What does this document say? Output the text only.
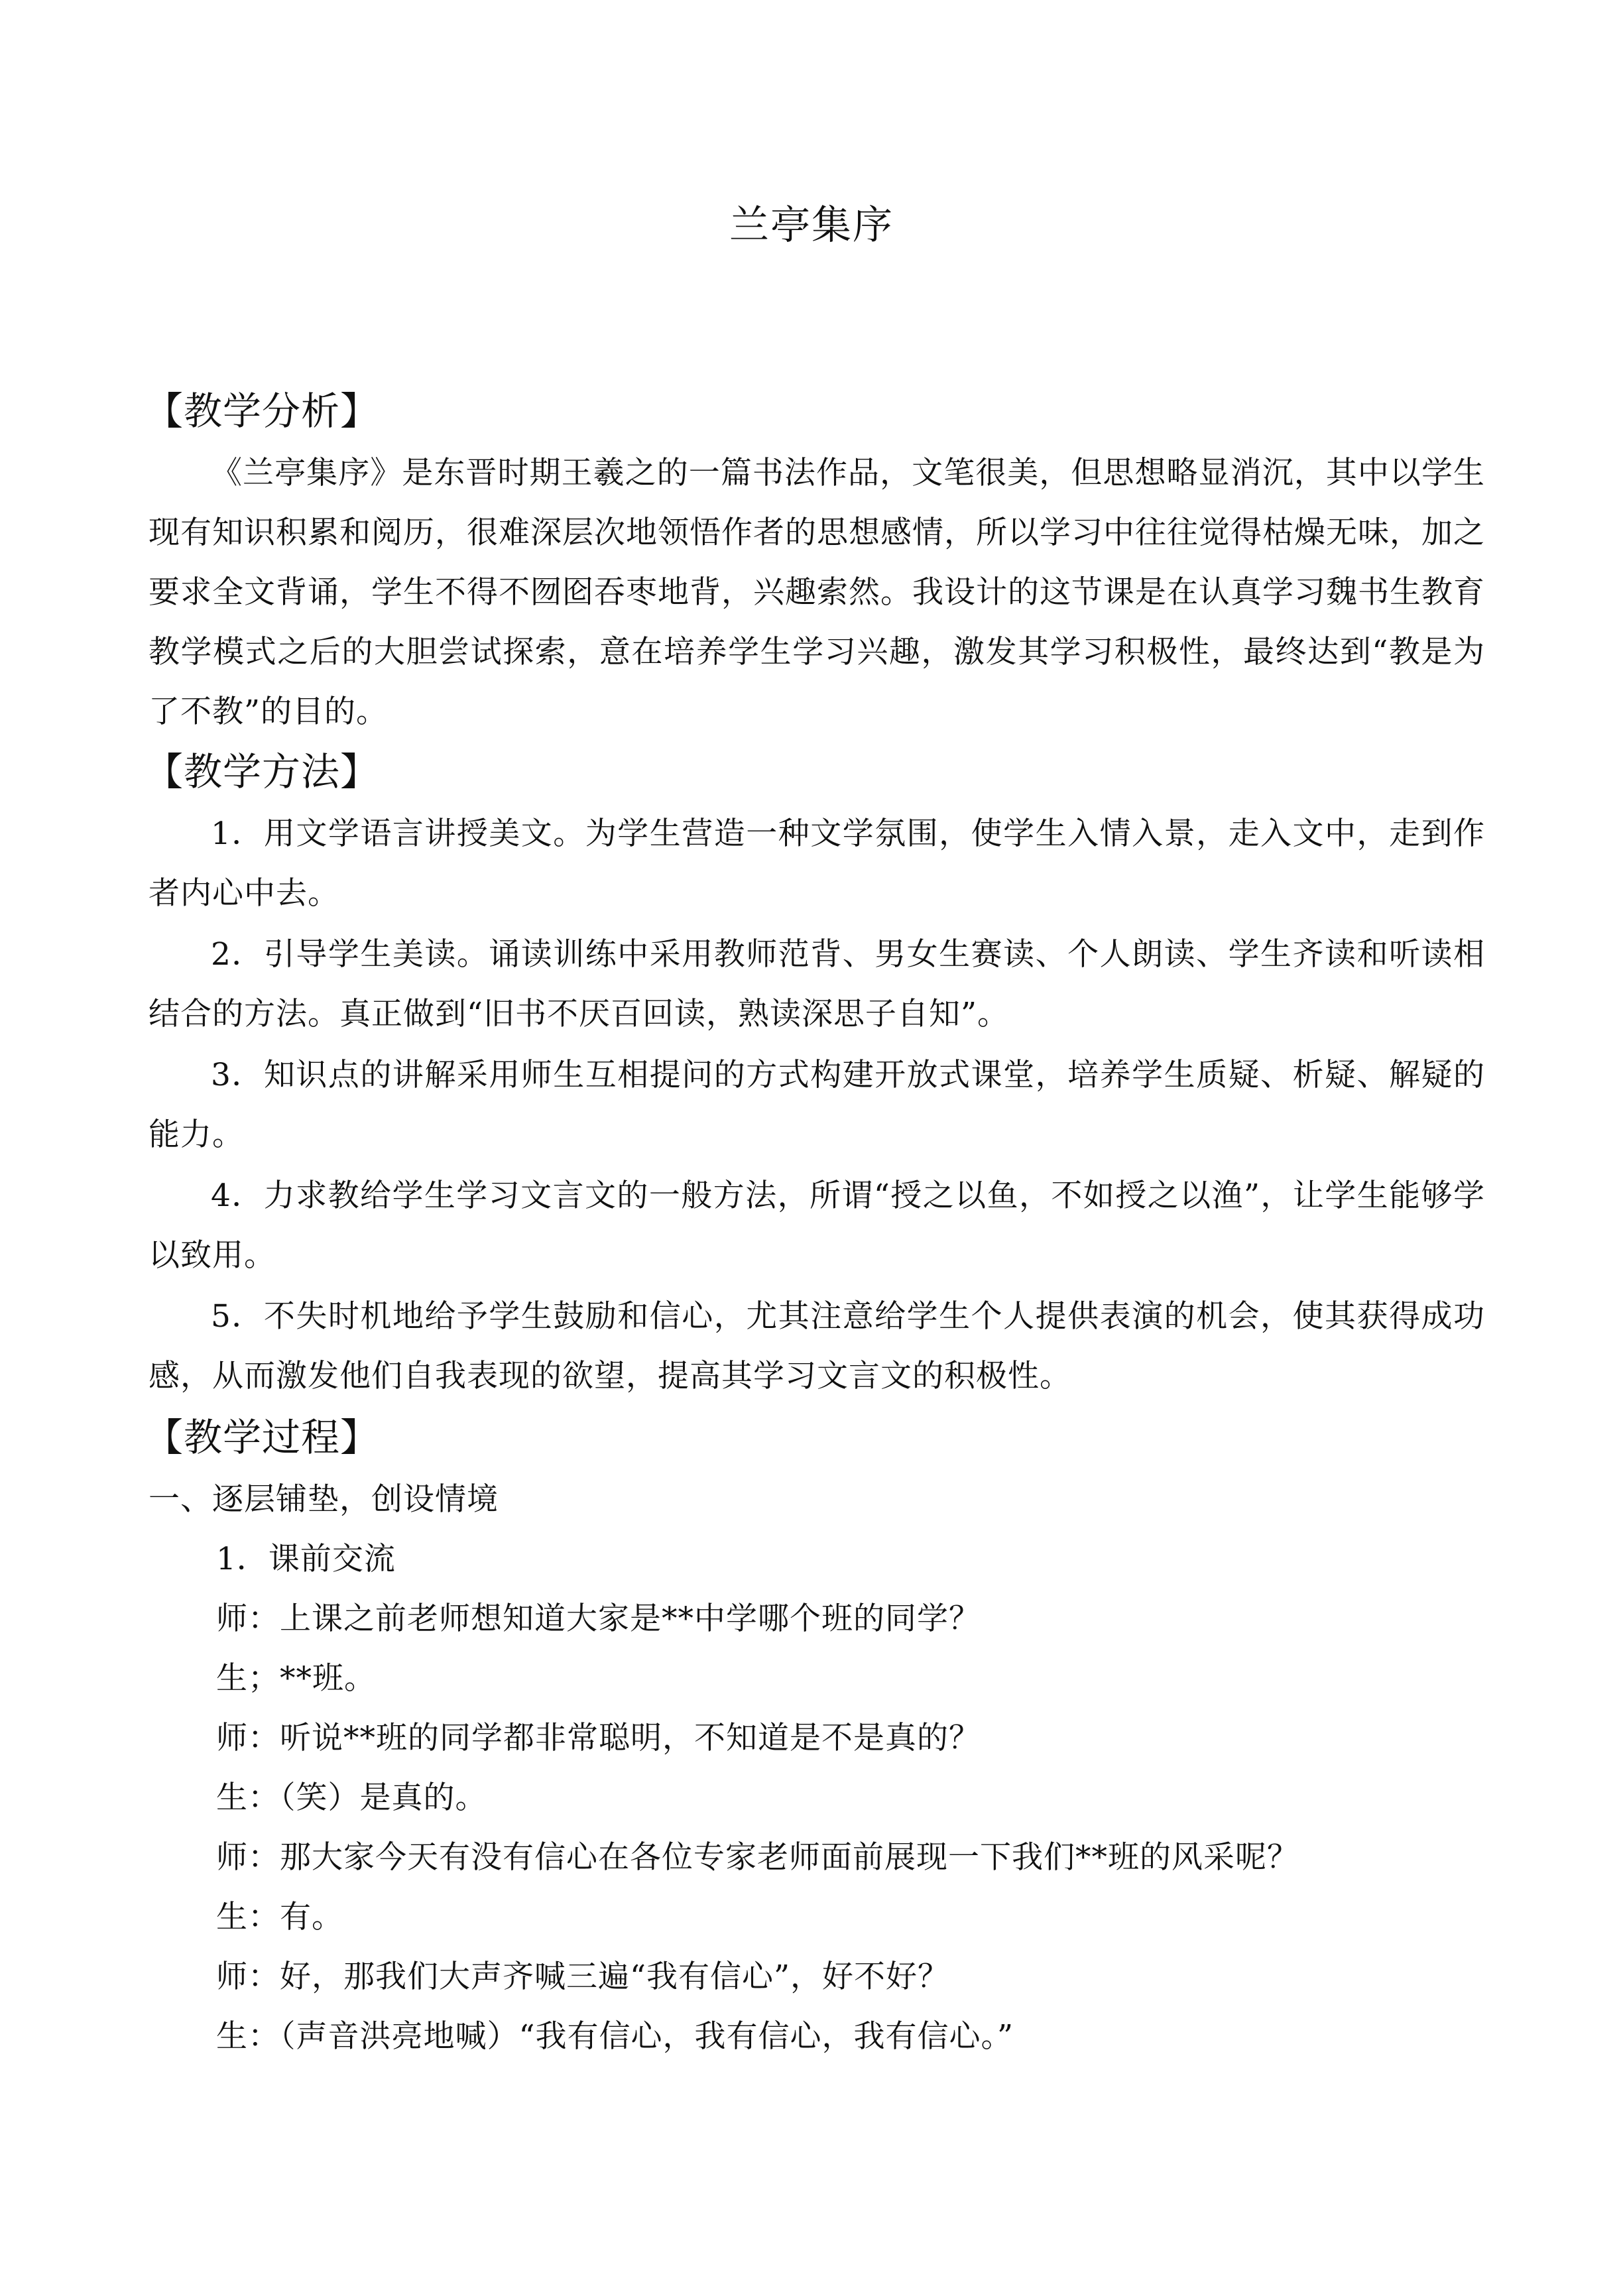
兰亭集序
【教学分析】

《兰亭集序》是东晋时期王羲之的一篇书法作品，文笔很美，但思想略显消沉，其中以学生现有知识积累和阅历，很难深层次地领悟作者的思想感情，所以学习中往往觉得枯燥无味，加之要求全文背诵，学生不得不囫囵吞枣地背，兴趣索然。我设计的这节课是在认真学习魏书生教育教学模式之后的大胆尝试探索，意在培养学生学习兴趣，激发其学习积极性，最终达到“教是为了不教”的目的。

【教学方法】

1．用文学语言讲授美文。为学生营造一种文学氛围，使学生入情入景，走入文中，走到作者内心中去。

2．引导学生美读。诵读训练中采用教师范背、男女生赛读、个人朗读、学生齐读和听读相结合的方法。真正做到“旧书不厌百回读，熟读深思子自知”。

3．知识点的讲解采用师生互相提问的方式构建开放式课堂，培养学生质疑、析疑、解疑的能力。

4．力求教给学生学习文言文的一般方法，所谓“授之以鱼，不如授之以渔”，让学生能够学以致用。

5．不失时机地给予学生鼓励和信心，尤其注意给学生个人提供表演的机会，使其获得成功感，从而激发他们自我表现的欲望，提高其学习文言文的积极性。

【教学过程】
一、逐层铺垫，创设情境
1．课前交流
师：上课之前老师想知道大家是**中学哪个班的同学？
生；**班。
师：听说**班的同学都非常聪明，不知道是不是真的？
生：（笑）是真的。
师：那大家今天有没有信心在各位专家老师面前展现一下我们**班的风采呢？
生：有。
师：好，那我们大声齐喊三遍“我有信心”，好不好？
生：（声音洪亮地喊）“我有信心，我有信心，我有信心。”
